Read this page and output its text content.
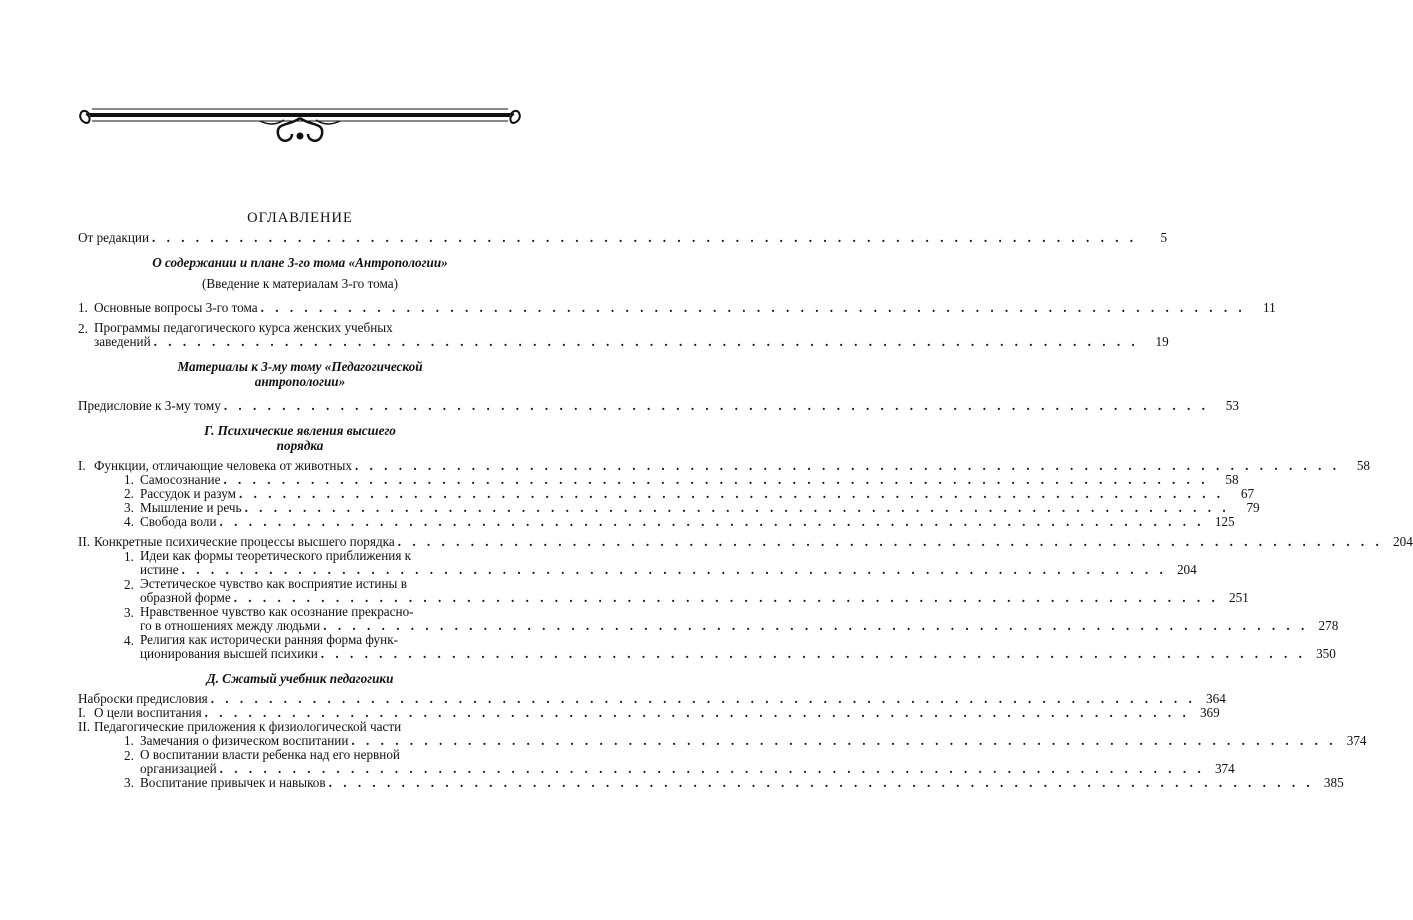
ОГЛАВЛЕНИЕ
От редакции . . .	5
О содержании и плане 3-го тома «Антропологии»
(Введение к материалам 3-го тома)
1. Основные вопросы 3-го тома . . .	11
2. Программы педагогического курса женских учебных
заведений . . .	19
Материалы к 3-му тому «Педагогической
антропологии»
Предисловие к 3-му тому . . .	53
Г. Психические явления высшего
порядка
I. Функции, отличающие человека от животных . . .	58
1. Самосознание . . .	58
2. Рассудок и разум . . .	67
3. Мышление и речь . . .	79
4. Свобода воли . . .	125
II. Конкретные психические процессы высшего порядка . . .	204
1. Идеи как формы теоретического приближения к
истине . . .	204
2. Эстетическое чувство как восприятие истины в
образной форме . . .	251
3. Нравственное чувство как осознание прекрасно-
го в отношениях между людьми . . .	278
4. Религия как исторически ранняя форма функ-
ционирования высшей психики . . .	350
Д. Сжатый учебник педагогики
Наброски предисловия . . .	364
I. О цели воспитания . . .	369
II. Педагогические приложения к физиологической части
1. Замечания о физическом воспитании . . .	374
2. О воспитании власти ребенка над его нервной
организацией . . .	374
3. Воспитание привычек и навыков . . .	385
